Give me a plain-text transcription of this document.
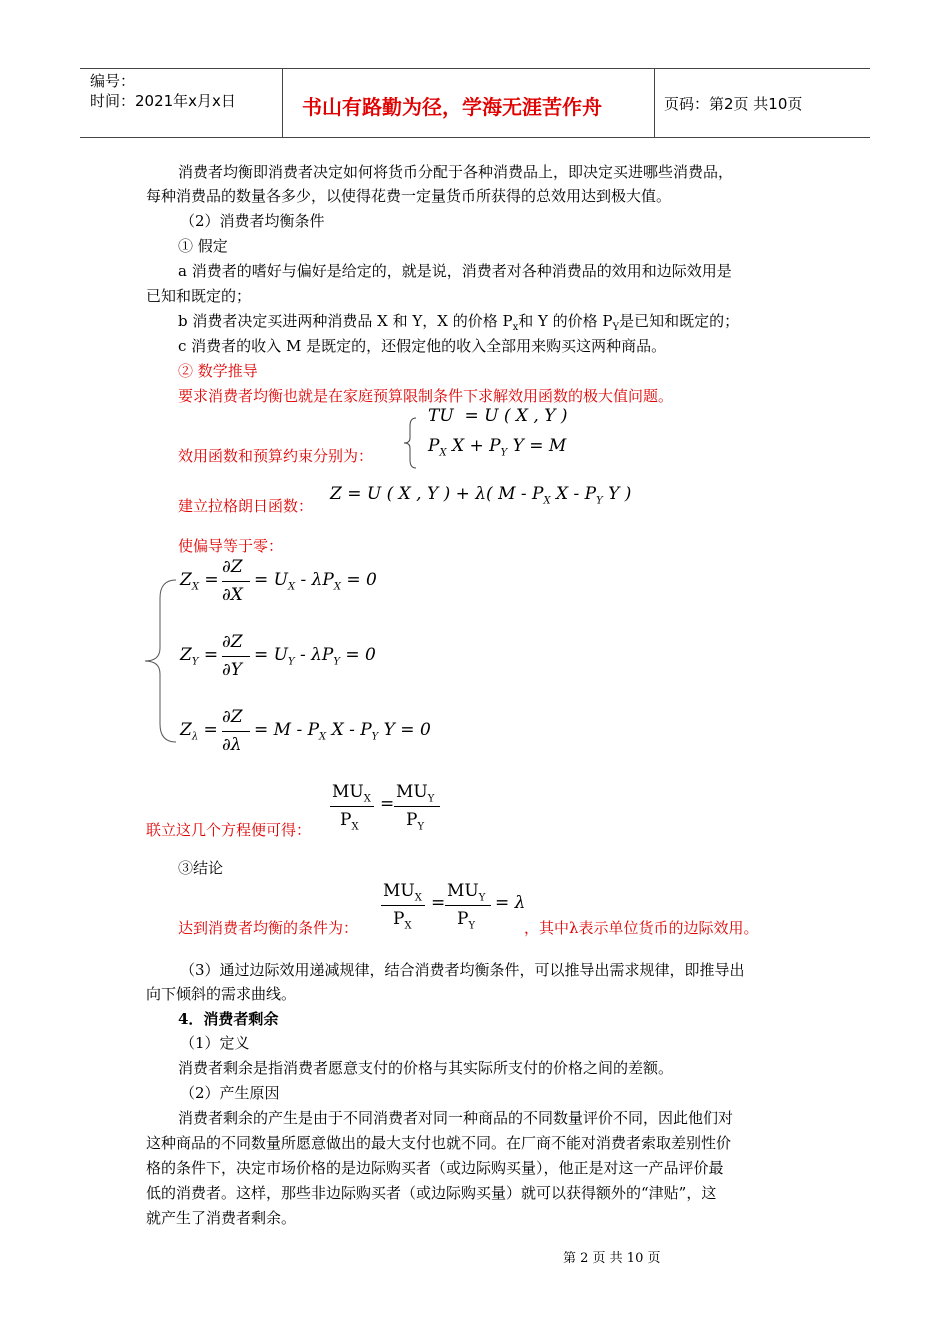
编号：
时间：2021年x月x日	书山有路勤为径，学海无涯苦作舟	页码：第2页 共10页
消费者均衡即消费者决定如何将货币分配于各种消费品上，即决定买进哪些消费品，
每种消费品的数量各多少，以使得花费一定量货币所获得的总效用达到极大值。
（2）消费者均衡条件
① 假定
a 消费者的嗜好与偏好是给定的，就是说，消费者对各种消费品的效用和边际效用是
已知和既定的；
b 消费者决定买进两种消费品 X 和 Y，X 的价格 $P_x$和 Y 的价格 $P_Y$是已知和既定的；
c 消费者的收入 M 是既定的，还假定他的收入全部用来购买这两种商品。
② 数学推导
要求消费者均衡也就是在家庭预算限制条件下求解效用函数的极大值问题。
效用函数和预算约束分别为：
TU  = U ( X , Y )
$P_X$ $X + P_Y$ Y = M
建立拉格朗日函数：
Z = U ( X , Y ) + λ( M - $P_X$ X - $P_Y$ Y )
使偏导等于零：
$Z_X$ =
∂Z
∂X
= $U_X - \lambda P_X = 0$
$Z_Y$ =
∂Z
∂Y
= $U_Y - \lambda P_Y = 0$
$Z_\lambda$ =
∂Z
∂λ
= M - $P_X$ X - $P_Y$ Y = 0
联立这几个方程便可得：
$MU_X$
$P_X$
=
$MU_Y$
$P_Y$
③结论
达到消费者均衡的条件为：
$MU_X$
$P_X$
=
$MU_Y$
$P_Y$
= λ
，其中λ表示单位货币的边际效用。
（3）通过边际效用递减规律，结合消费者均衡条件，可以推导出需求规律，即推导出
向下倾斜的需求曲线。
4．消费者剩余
（1）定义
消费者剩余是指消费者愿意支付的价格与其实际所支付的价格之间的差额。
（2）产生原因
消费者剩余的产生是由于不同消费者对同一种商品的不同数量评价不同，因此他们对
这种商品的不同数量所愿意做出的最大支付也就不同。在厂商不能对消费者索取差别性价
格的条件下，决定市场价格的是边际购买者（或边际购买量），他正是对这一产品评价最
低的消费者。这样，那些非边际购买者（或边际购买量）就可以获得额外的“津贴”，这
就产生了消费者剩余。
第 2 页 共 10 页
